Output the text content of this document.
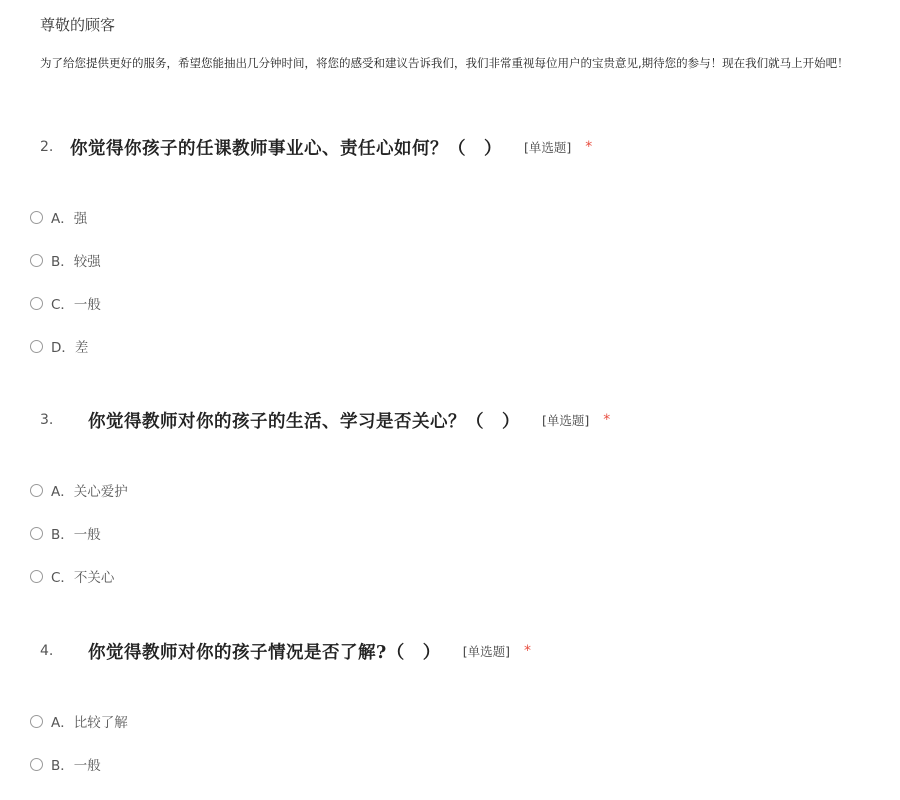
尊敬的顾客

为了给您提供更好的服务，希望您能抽出几分钟时间，将您的感受和建议告诉我们，我们非常重视每位用户的宝贵意见,期待您的参与！现在我们就马上开始吧！
2. 你觉得你孩子的任课教师事业心、责任心如何？（　） [单选题] *
A．强
B．较强
C．一般
D．差
3.	你觉得教师对你的孩子的生活、学习是否关心？（　） [单选题] *
A．关心爱护
B．一般
C．不关心
4.	你觉得教师对你的孩子情况是否了解?（　） [单选题] *
A．比较了解
B．一般
